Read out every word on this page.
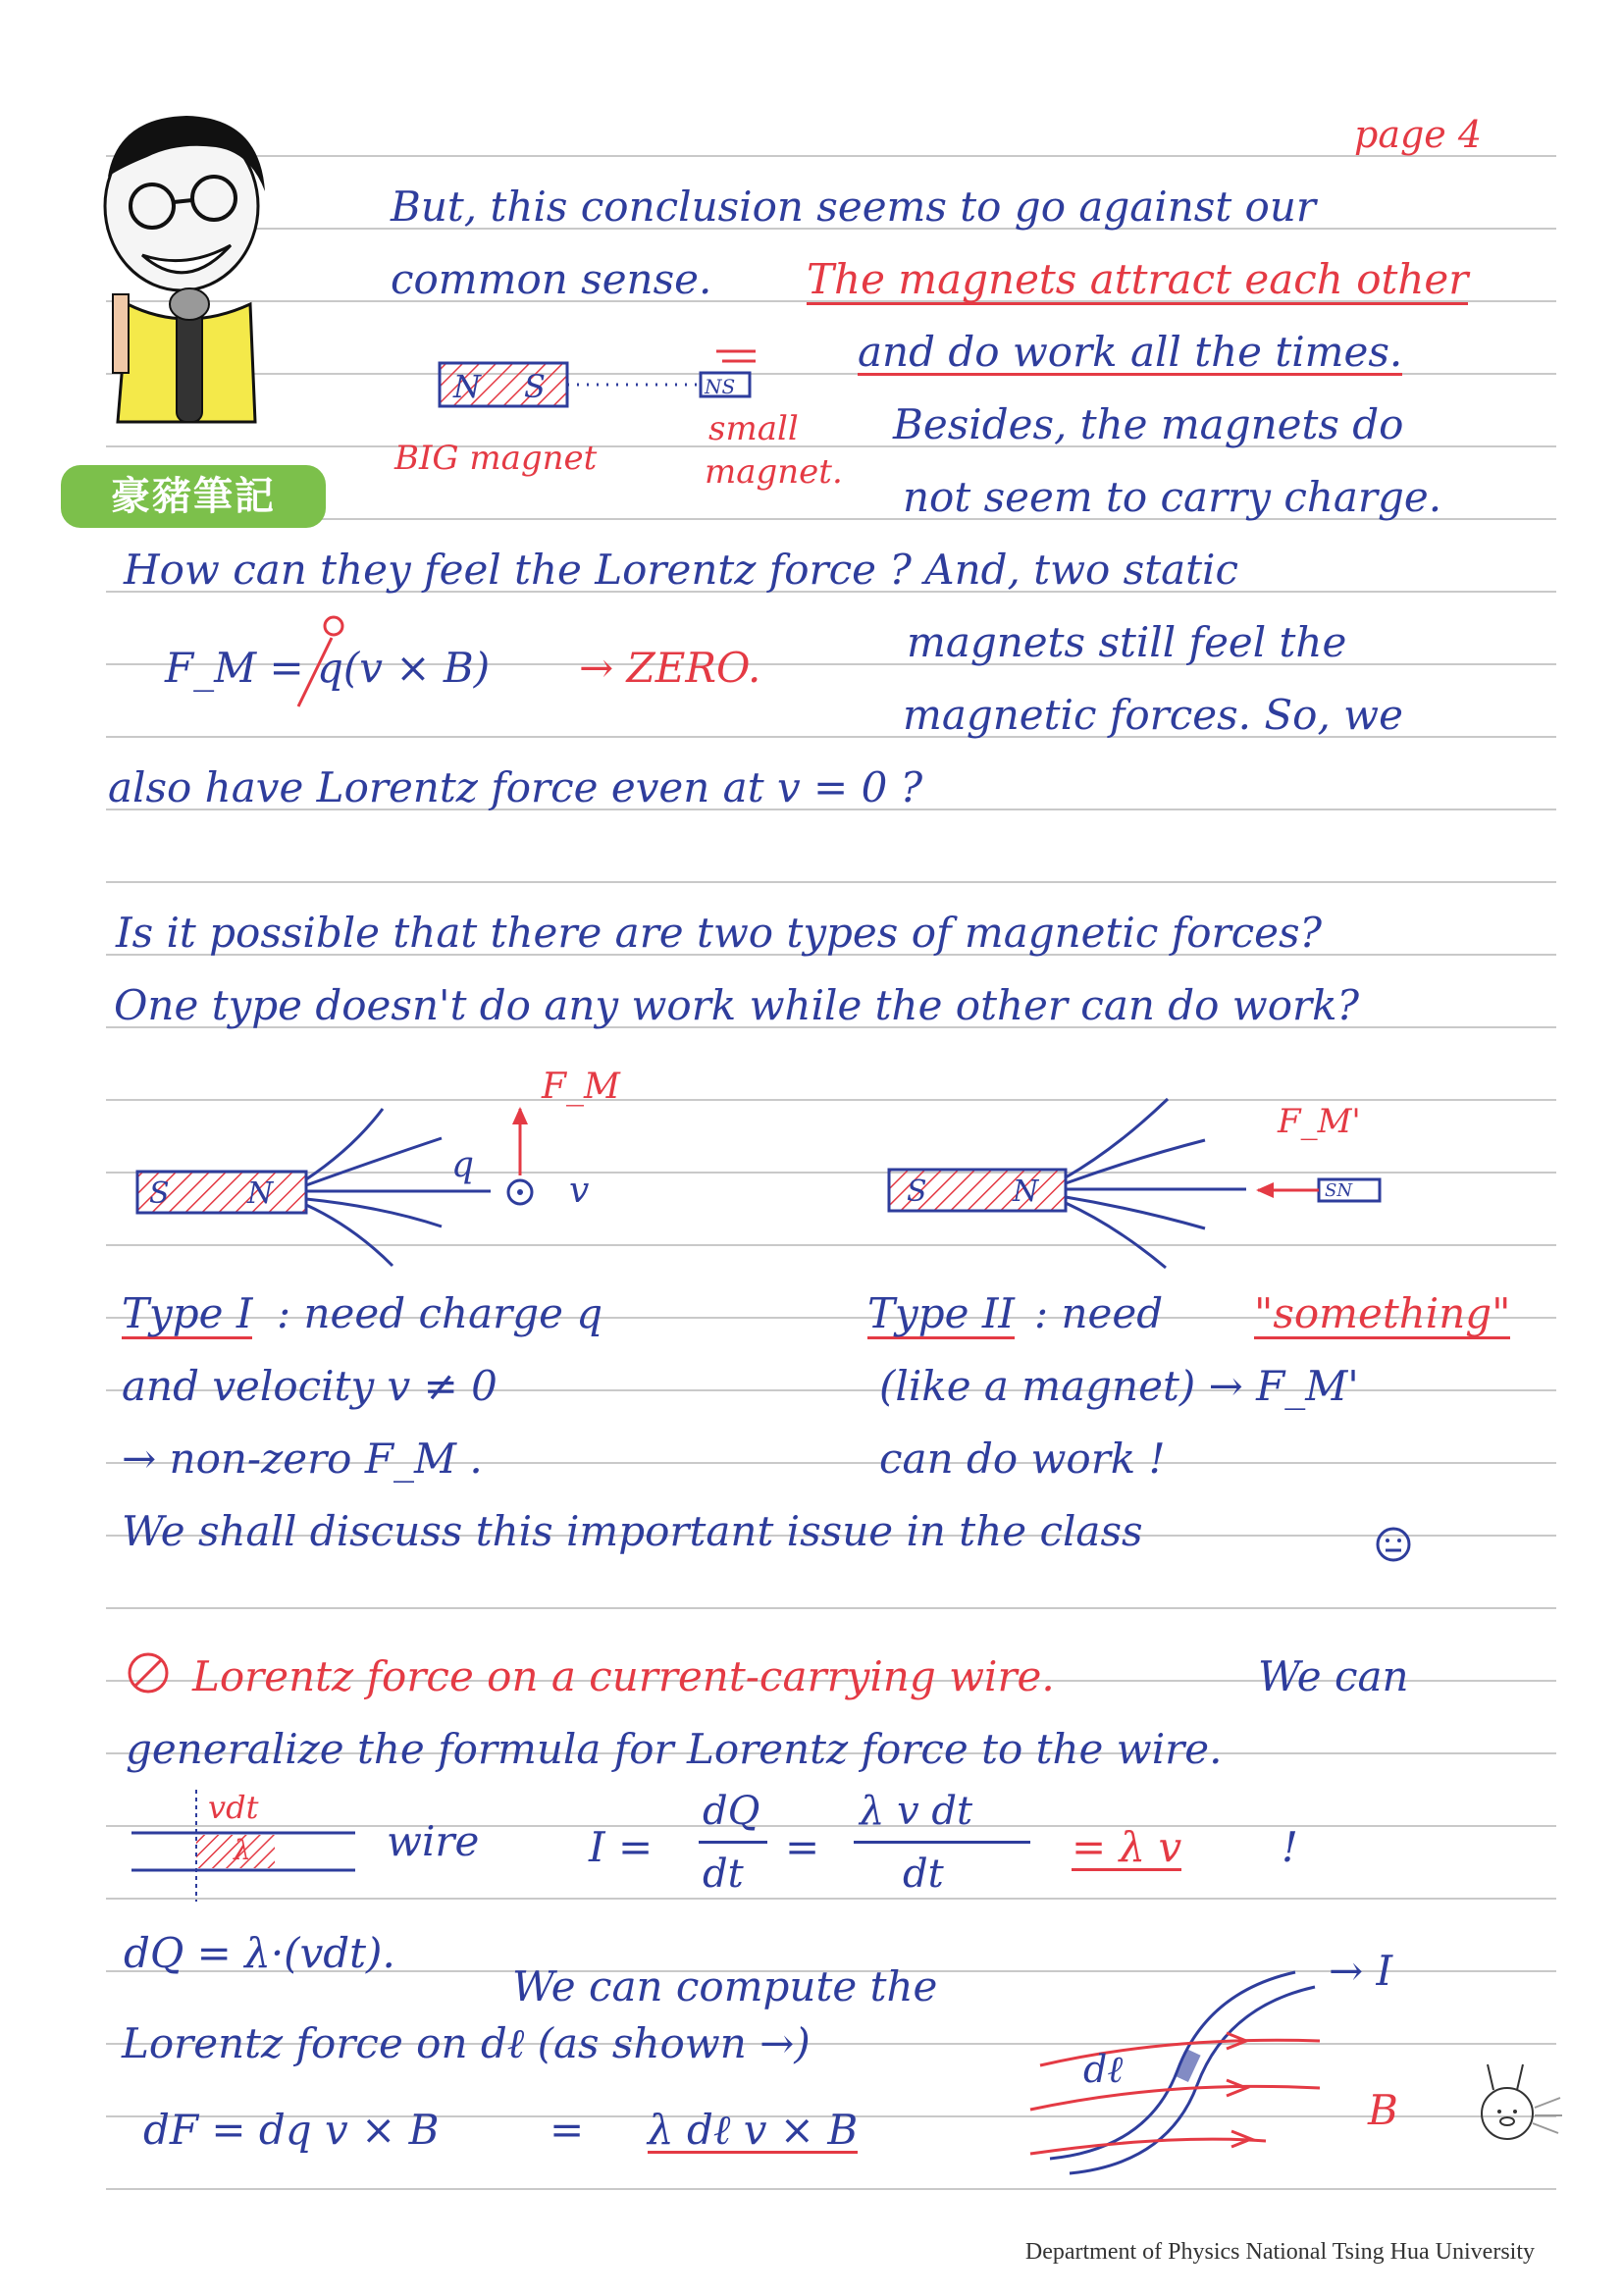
豪豬筆記
page 4
But, this conclusion seems to go against our
common sense. The magnets attract each other
and do work all the times.
Besides, the magnets do
not seem to carry charge.
N S	NS
BIG magnet
small
magnet.
How can they feel the Lorentz force ? And, two static
F_M = q(v × B) → ZERO.
magnets still feel the
magnetic forces. So, we
also have Lorentz force even at v = 0 ?
Is it possible that there are two types of magnetic forces?
One type doesn't do any work while the other can do work?
S	N
F_M
q
v	S	N	SN
F_M'
Type I : need charge q
and velocity v ≠ 0
→ non-zero F_M .
Type II : need "something"
(like a magnet) → F_M'
can do work !
We shall discuss this important issue in the class
Lorentz force on a current-carrying wire.	We can
generalize the formula for Lorentz force to the wire.
vdt
λ	wire	I =
dQ
dt
=
λ v dt
dt
= λ v !
dQ = λ·(vdt).
We can compute the
Lorentz force on dℓ (as shown →)
dF = dq v × B	= λ dℓ v × B
→ I
dℓ
B
Department of Physics National Tsing Hua University
